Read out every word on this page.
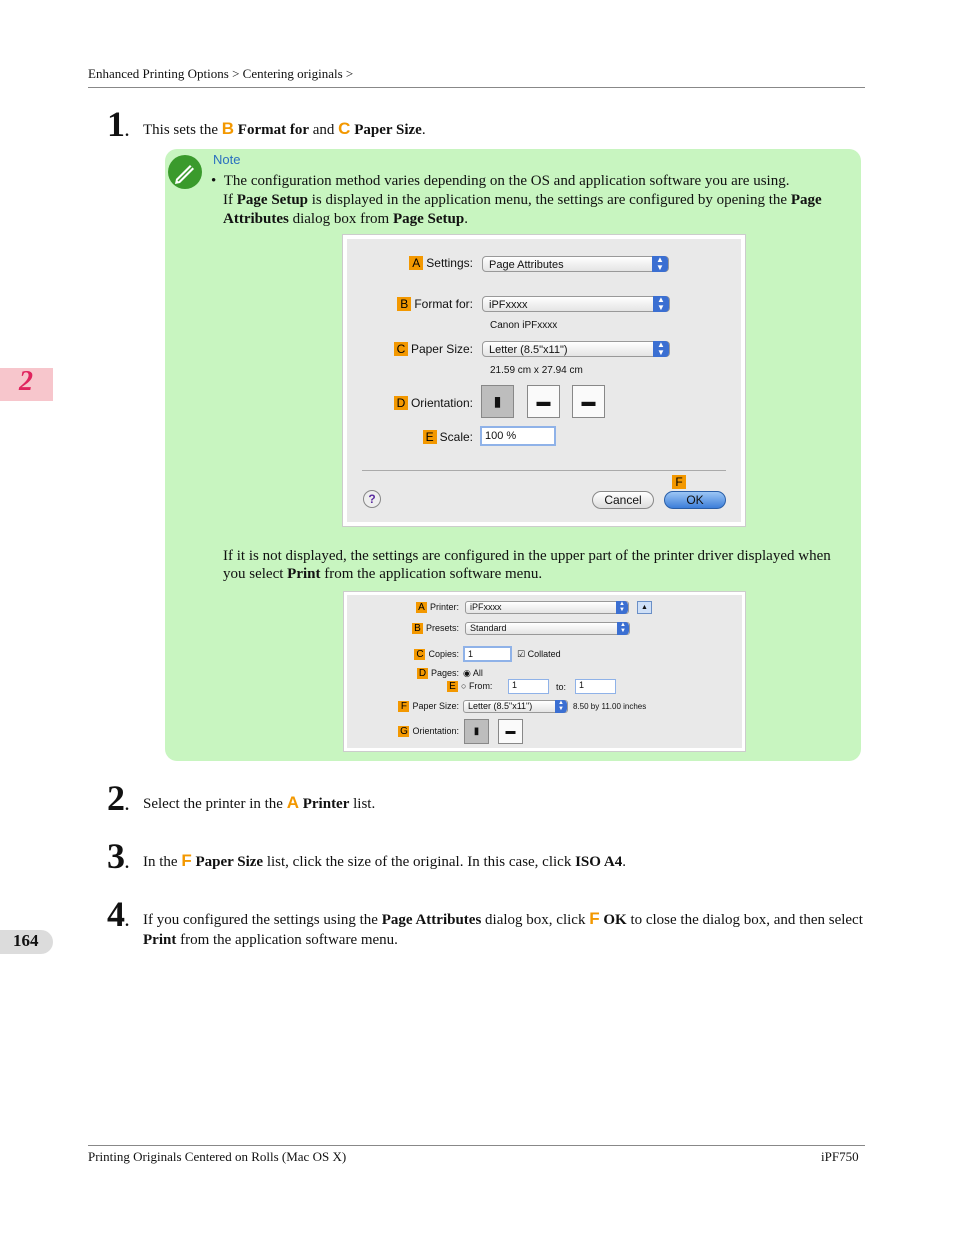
Enhanced Printing Options > Centering originals >
2
164
1. This sets the B Format for and C Paper Size.
Note
• The configuration method varies depending on the OS and application software you are using.
If Page Setup is displayed in the application menu, the settings are configured by opening the Page Attributes dialog box from Page Setup.
A Settings:	Page Attributes	▲
▼
B Format for:	iPFxxxx	▲
▼
Canon iPFxxxx
C Paper Size:	Letter (8.5"x11")	▲
▼
21.59 cm x 27.94 cm
D Orientation:	▮	▬	▬
E Scale:	100 %
?	Cancel
F
OK
If it is not displayed, the settings are configured in the upper part of the printer driver displayed when you select Print from the application software menu.
A Printer:	iPFxxxx	▲
▼	▲
B Presets:	Standard	▲
▼
C Copies:	1	☑ Collated
D Pages: ◉ All
E ○ From:	1	to:	1
F Paper Size:	Letter (8.5"x11")	▲
▼	8.50 by 11.00 inches
G Orientation:	▮	▬
2. Select the printer in the A Printer list.
3. In the F Paper Size list, click the size of the original. In this case, click ISO A4.
4. If you configured the settings using the Page Attributes dialog box, click F OK to close the dialog box, and then select Print from the application software menu.
Printing Originals Centered on Rolls (Mac OS X)	iPF750
